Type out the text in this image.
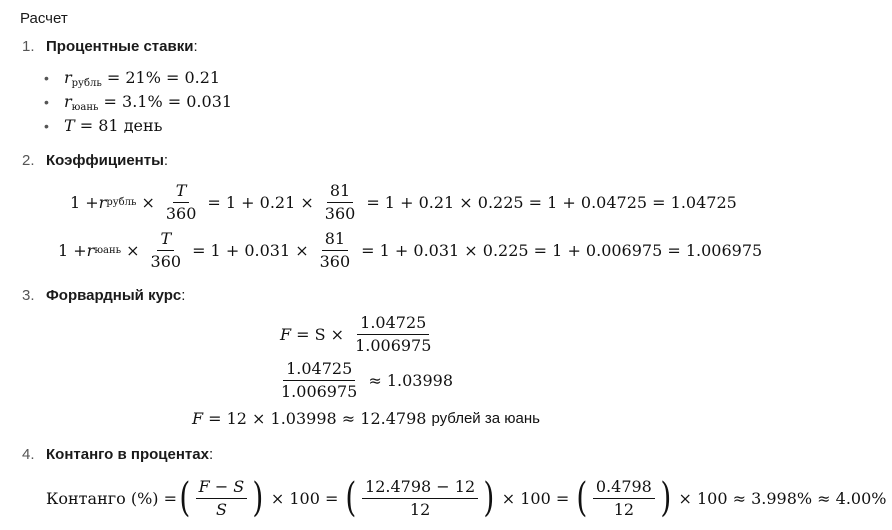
Расчет
1. Процентные ставки:
$r_{рубль} = 21\% = 0.21$
$r_{юань} = 3.1\% = 0.031$
T = 81 день
2. Коэффициенты:
1 + r рубль × $\frac{T}{360} = 1 + 0.21 \times \frac{81}{360} = 1 + 0.21 \times 0.225 = 1 + 0.04725 = 1.04725$
1 + r юань × $\frac{T}{360} = 1 + 0.031 \times \frac{81}{360} = 1 + 0.031 \times 0.225 = 1 + 0.006975 = 1.006975$
3. Форвардный курс:
$F = S \times \frac{1.04725}{1.006975}$
$\frac{1.04725}{1.006975} \approx 1.03998$
F = 12 × 1.03998 ≈ 12.4798 рублей за юань
4. Контанго в процентах:
Контанго (%) = ( $\frac{F - S}{S}$ ) × 100 = ( $\frac{12.4798 - 12}{12}$ ) × 100 = ( $\frac{0.4798}{12}$ ) × 100 ≈ 3.998% ≈ 4.00%
